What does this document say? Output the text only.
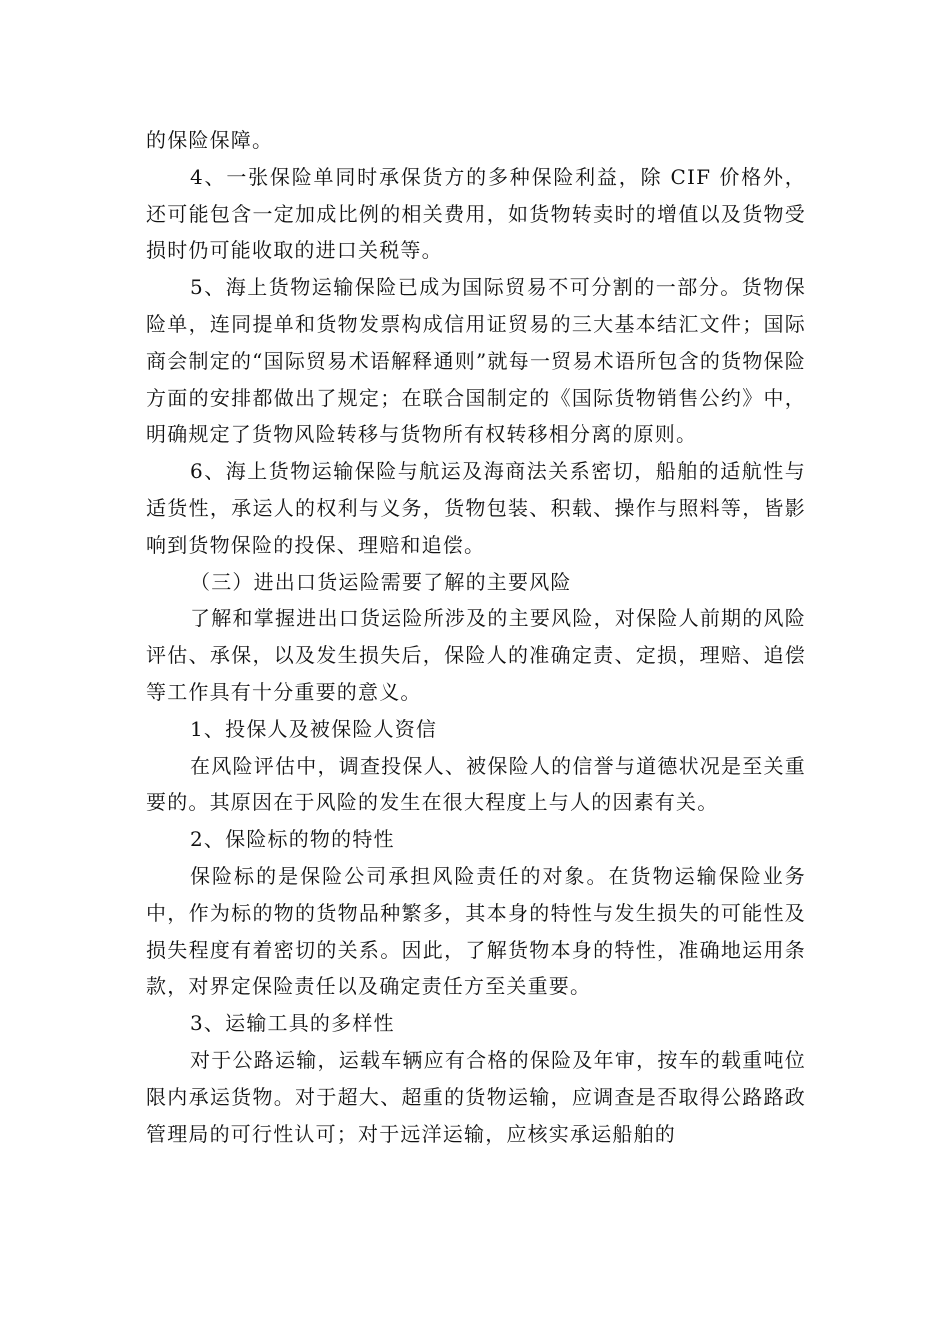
的保险保障。

4、一张保险单同时承保货方的多种保险利益，除 CIF 价格外，还可能包含一定加成比例的相关费用，如货物转卖时的增值以及货物受损时仍可能收取的进口关税等。

5、海上货物运输保险已成为国际贸易不可分割的一部分。货物保险单，连同提单和货物发票构成信用证贸易的三大基本结汇文件；国际商会制定的“国际贸易术语解释通则”就每一贸易术语所包含的货物保险方面的安排都做出了规定；在联合国制定的《国际货物销售公约》中，明确规定了货物风险转移与货物所有权转移相分离的原则。

6、海上货物运输保险与航运及海商法关系密切，船舶的适航性与适货性，承运人的权利与义务，货物包装、积载、操作与照料等，皆影响到货物保险的投保、理赔和追偿。

（三）进出口货运险需要了解的主要风险

了解和掌握进出口货运险所涉及的主要风险，对保险人前期的风险评估、承保，以及发生损失后，保险人的准确定责、定损，理赔、追偿等工作具有十分重要的意义。

1、投保人及被保险人资信

在风险评估中，调查投保人、被保险人的信誉与道德状况是至关重要的。其原因在于风险的发生在很大程度上与人的因素有关。

2、保险标的物的特性

保险标的是保险公司承担风险责任的对象。在货物运输保险业务中，作为标的物的货物品种繁多，其本身的特性与发生损失的可能性及损失程度有着密切的关系。因此，了解货物本身的特性，准确地运用条款，对界定保险责任以及确定责任方至关重要。

3、运输工具的多样性

对于公路运输，运载车辆应有合格的保险及年审，按车的载重吨位限内承运货物。对于超大、超重的货物运输，应调查是否取得公路路政管理局的可行性认可；对于远洋运输，应核实承运船舶的
